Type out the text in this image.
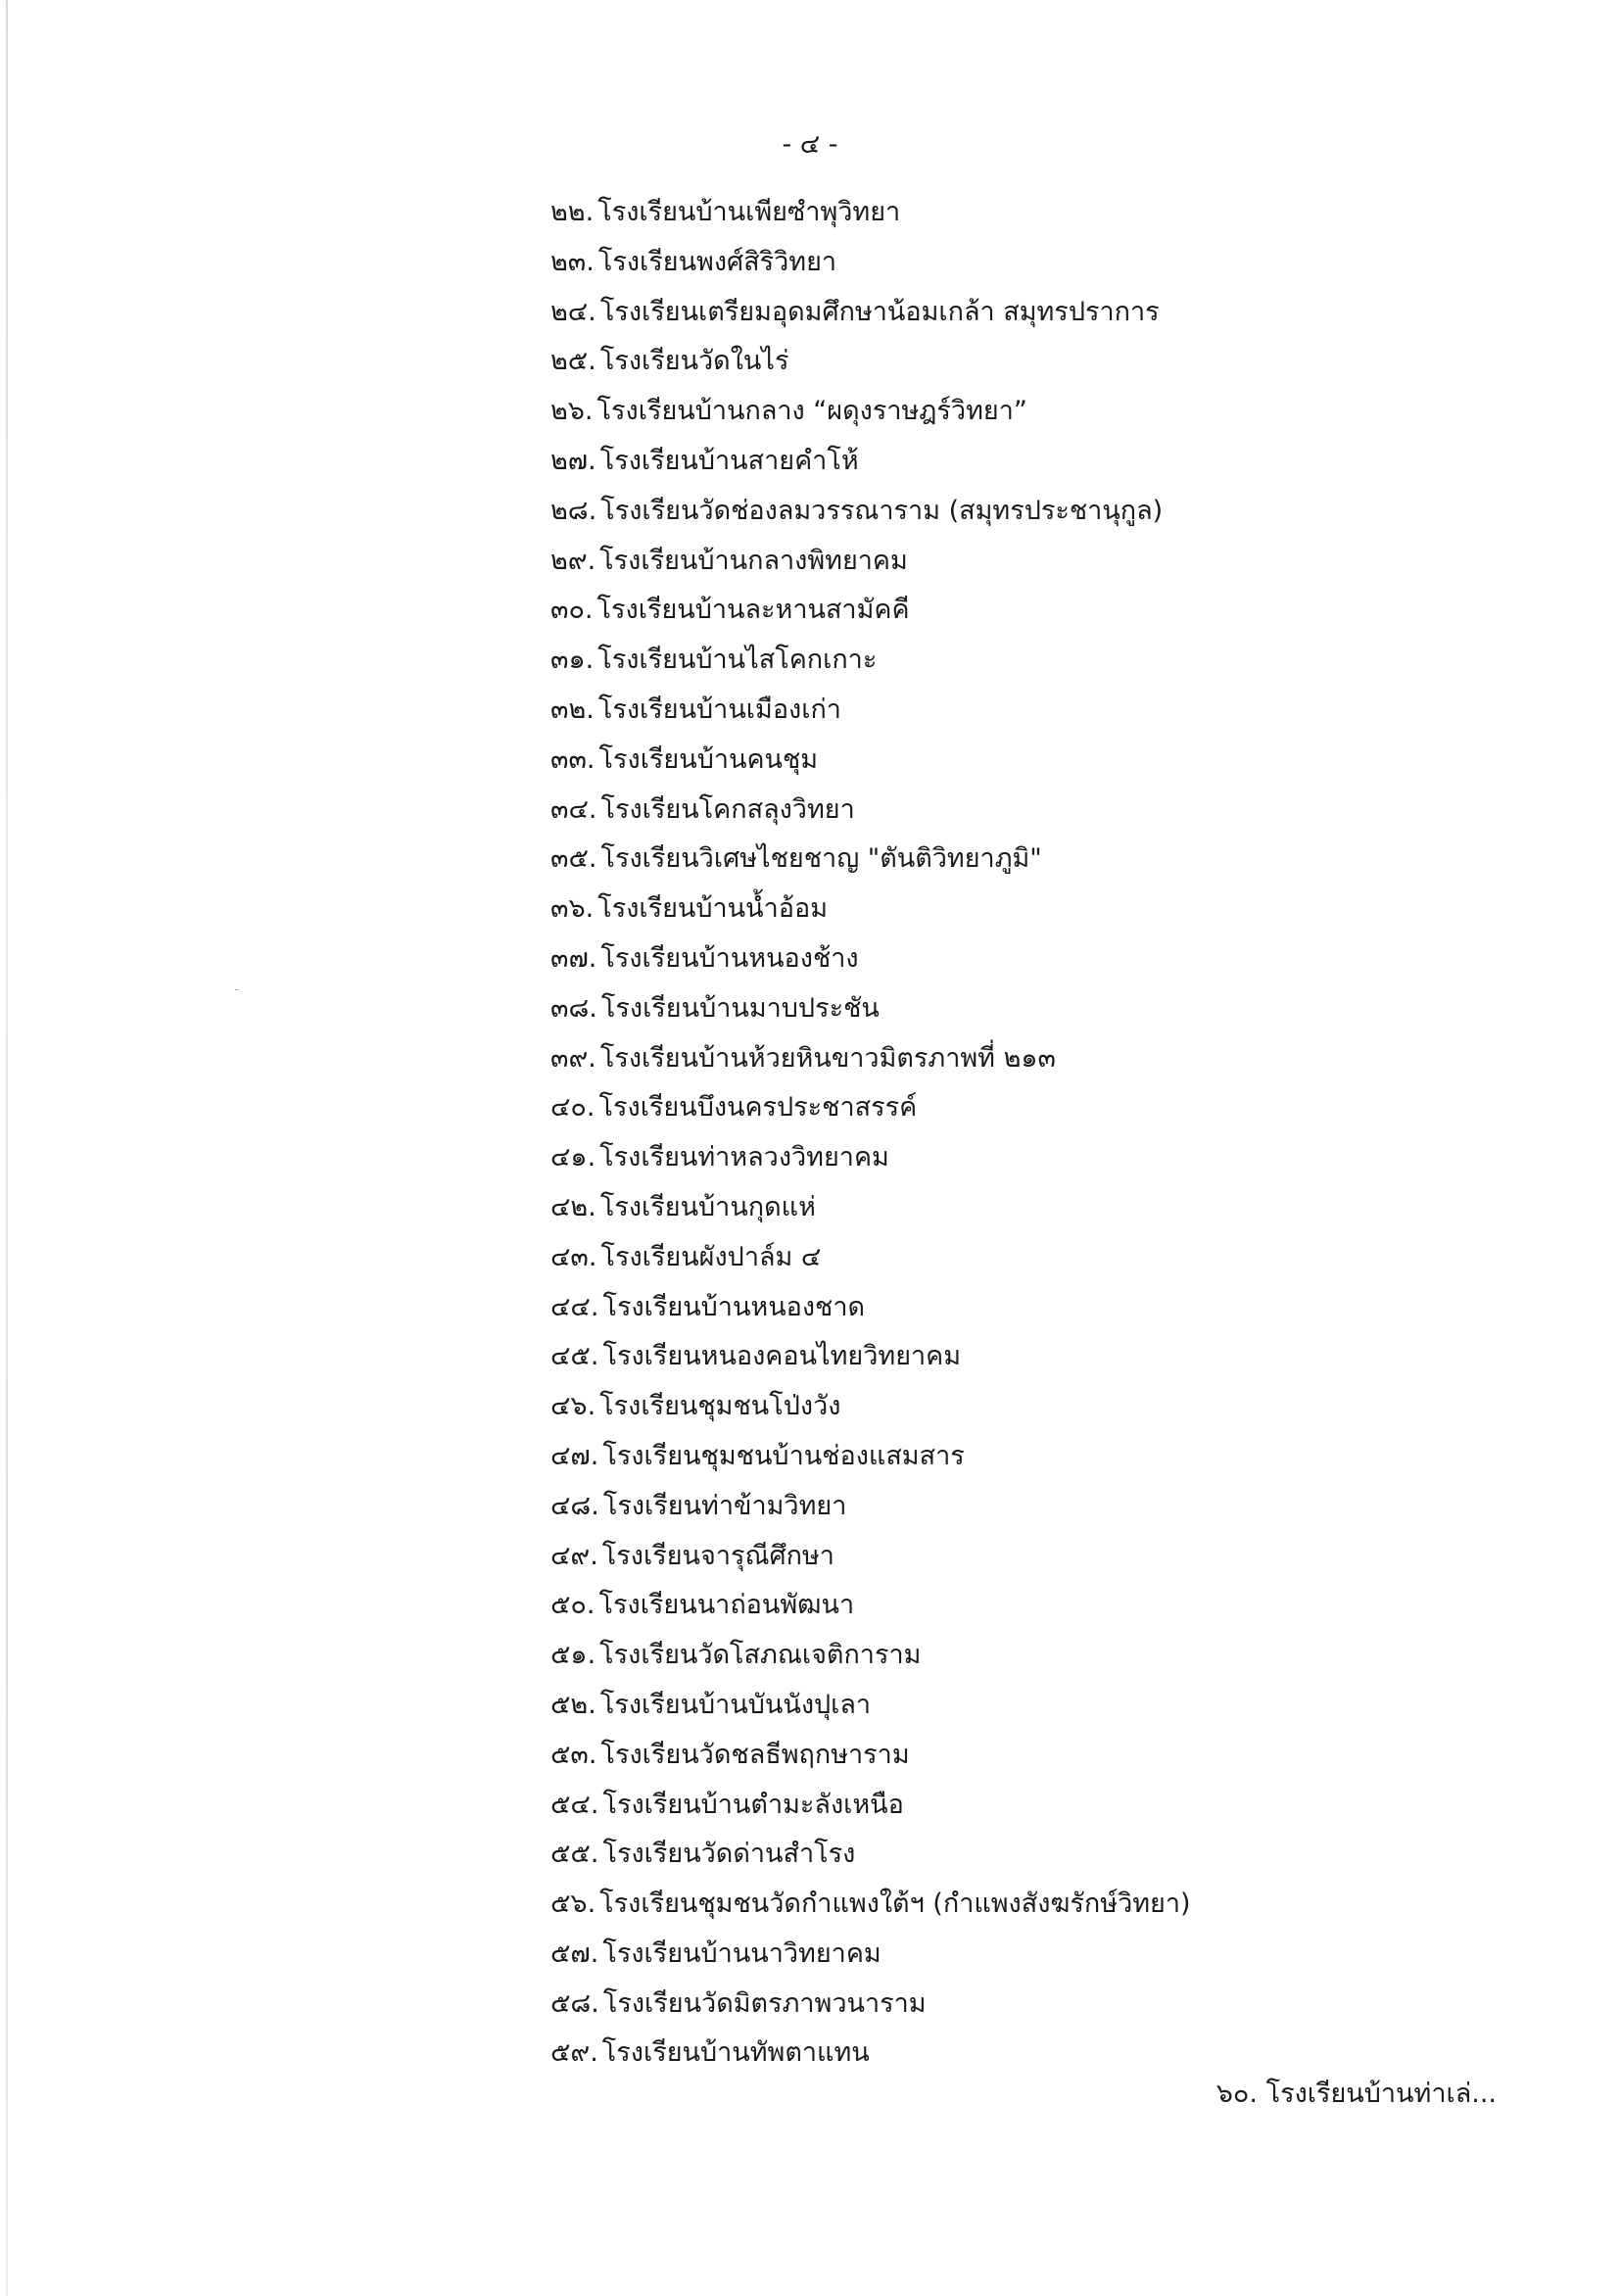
- ๔ -
๒๒. โรงเรียนบ้านเพียซำพุวิทยา
๒๓. โรงเรียนพงศ์สิริวิทยา
๒๔. โรงเรียนเตรียมอุดมศึกษาน้อมเกล้า สมุทรปราการ
๒๕. โรงเรียนวัดในไร่
๒๖. โรงเรียนบ้านกลาง “ผดุงราษฎร์วิทยา”
๒๗. โรงเรียนบ้านสายคำโห้
๒๘. โรงเรียนวัดช่องลมวรรณาราม (สมุทรประชานุกูล)
๒๙. โรงเรียนบ้านกลางพิทยาคม
๓๐. โรงเรียนบ้านละหานสามัคคี
๓๑. โรงเรียนบ้านไสโคกเกาะ
๓๒. โรงเรียนบ้านเมืองเก่า
๓๓. โรงเรียนบ้านคนชุม
๓๔. โรงเรียนโคกสลุงวิทยา
๓๕. โรงเรียนวิเศษไชยชาญ "ตันติวิทยาภูมิ"
๓๖. โรงเรียนบ้านน้ำอ้อม
๓๗. โรงเรียนบ้านหนองช้าง
๓๘. โรงเรียนบ้านมาบประชัน
๓๙. โรงเรียนบ้านห้วยหินขาวมิตรภาพที่ ๒๑๓
๔๐. โรงเรียนบึงนครประชาสรรค์
๔๑. โรงเรียนท่าหลวงวิทยาคม
๔๒. โรงเรียนบ้านกุดแห่
๔๓. โรงเรียนผังปาล์ม ๔
๔๔. โรงเรียนบ้านหนองชาด
๔๕. โรงเรียนหนองคอนไทยวิทยาคม
๔๖. โรงเรียนชุมชนโป่งวัง
๔๗. โรงเรียนชุมชนบ้านช่องแสมสาร
๔๘. โรงเรียนท่าข้ามวิทยา
๔๙. โรงเรียนจารุณีศึกษา
๕๐. โรงเรียนนาถ่อนพัฒนา
๕๑. โรงเรียนวัดโสภณเจติการาม
๕๒. โรงเรียนบ้านบันนังปุเลา
๕๓. โรงเรียนวัดชลธีพฤกษาราม
๕๔. โรงเรียนบ้านตำมะลังเหนือ
๕๕. โรงเรียนวัดด่านสำโรง
๕๖. โรงเรียนชุมชนวัดกำแพงใต้ฯ (กำแพงสังฆรักษ์วิทยา)
๕๗. โรงเรียนบ้านนาวิทยาคม
๕๘. โรงเรียนวัดมิตรภาพวนาราม
๕๙. โรงเรียนบ้านทัพตาแทน
๖๐. โรงเรียนบ้านท่าเล่...
